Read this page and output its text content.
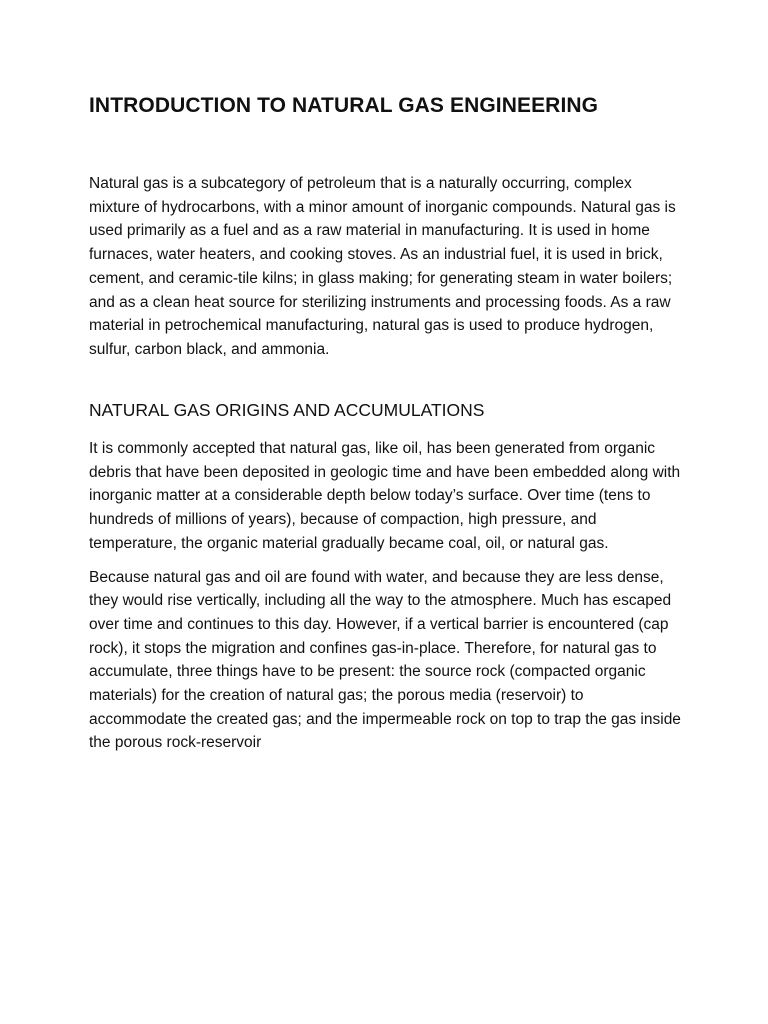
INTRODUCTION TO NATURAL GAS ENGINEERING

Natural gas is a subcategory of petroleum that is a naturally occurring, complex mixture of hydrocarbons, with a minor amount of inorganic compounds. Natural gas is used primarily as a fuel and as a raw material in manufacturing. It is used in home furnaces, water heaters, and cooking stoves. As an industrial fuel, it is used in brick, cement, and ceramic-tile kilns; in glass making; for generating steam in water boilers; and as a clean heat source for sterilizing instruments and processing foods. As a raw material in petrochemical manufacturing, natural gas is used to produce hydrogen, sulfur, carbon black, and ammonia.

NATURAL GAS ORIGINS AND ACCUMULATIONS

It is commonly accepted that natural gas, like oil, has been generated from organic debris that have been deposited in geologic time and have been embedded along with inorganic matter at a considerable depth below today’s surface. Over time (tens to hundreds of millions of years), because of compaction, high pressure, and temperature, the organic material gradually became coal, oil, or natural gas.

Because natural gas and oil are found with water, and because they are less dense, they would rise vertically, including all the way to the atmosphere. Much has escaped over time and continues to this day. However, if a vertical barrier is encountered (cap rock), it stops the migration and confines gas-in-place. Therefore, for natural gas to accumulate, three things have to be present: the source rock (compacted organic materials) for the creation of natural gas; the porous media (reservoir) to accommodate the created gas; and the impermeable rock on top to trap the gas inside the porous rock-reservoir
